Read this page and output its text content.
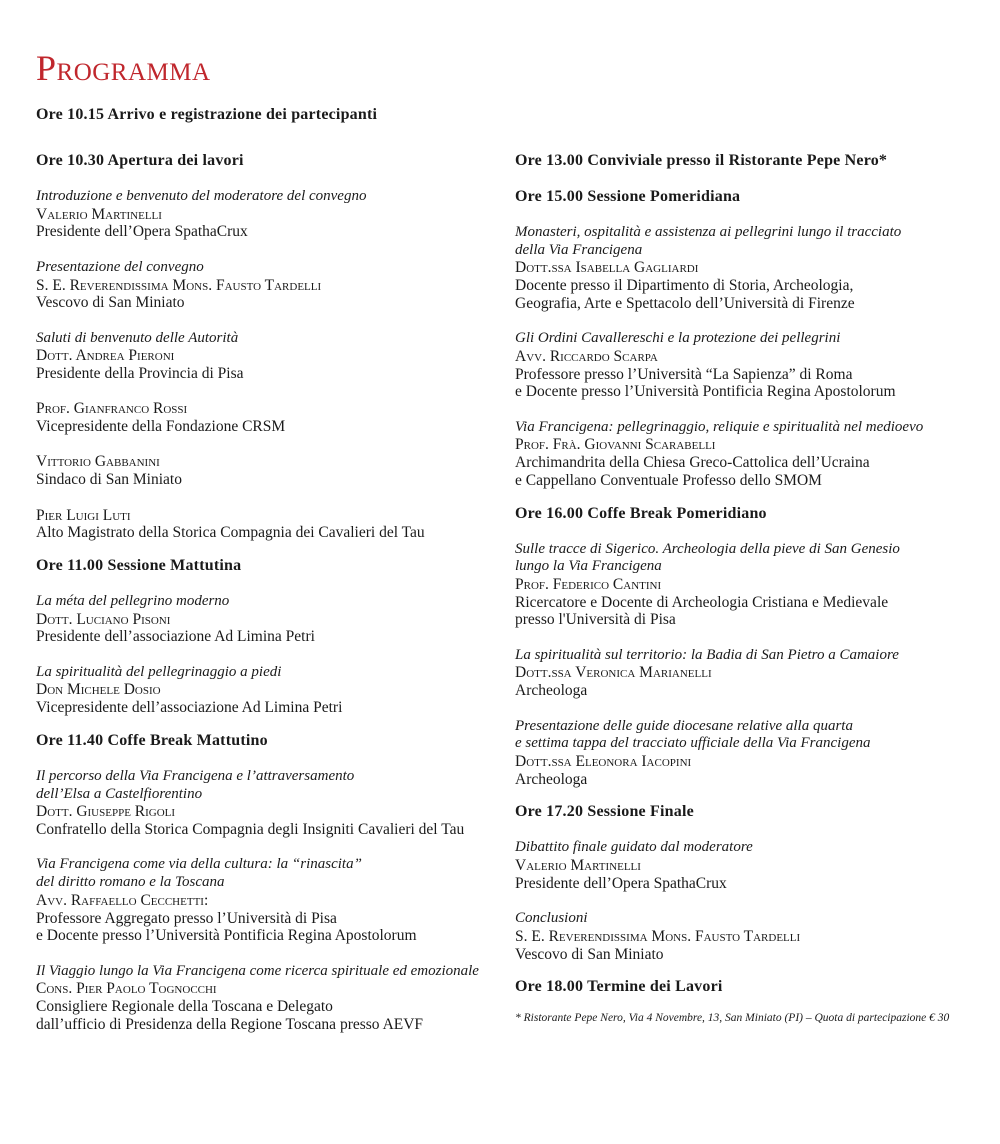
Programma
Ore 10.15 Arrivo e registrazione dei partecipanti
Ore 10.30 Apertura dei lavori
Introduzione e benvenuto del moderatore del convegno
Valerio Martinelli
Presidente dell’Opera SpathaCrux
Presentazione del convegno
S. E. Reverendissima Mons. Fausto Tardelli
Vescovo di San Miniato
Saluti di benvenuto delle Autorità
Dott. Andrea Pieroni
Presidente della Provincia di Pisa
Prof. Gianfranco Rossi
Vicepresidente della Fondazione CRSM
Vittorio Gabbanini
Sindaco di San Miniato
Pier Luigi Luti
Alto Magistrato della Storica Compagnia dei Cavalieri del Tau
Ore 11.00 Sessione Mattutina
La méta del pellegrino moderno
Dott. Luciano Pisoni
Presidente dell’associazione Ad Limina Petri
La spiritualità del pellegrinaggio a piedi
Don Michele Dosio
Vicepresidente dell’associazione Ad Limina Petri
Ore 11.40 Coffe Break Mattutino
Il percorso della Via Francigena e l’attraversamento
dell’Elsa a Castelfiorentino
Dott. Giuseppe Rigoli
Confratello della Storica Compagnia degli Insigniti Cavalieri del Tau
Via Francigena come via della cultura: la “rinascita”
del diritto romano e la Toscana
Avv. Raffaello Cecchetti:
Professore Aggregato presso l’Università di Pisa
e Docente presso l’Università Pontificia Regina Apostolorum
Il Viaggio lungo la Via Francigena come ricerca spirituale ed emozionale
Cons. Pier Paolo Tognocchi
Consigliere Regionale della Toscana e Delegato
dall’ufficio di Presidenza della Regione Toscana presso AEVF
Ore 13.00 Conviviale presso il Ristorante Pepe Nero*
Ore 15.00 Sessione Pomeridiana
Monasteri, ospitalità e assistenza ai pellegrini lungo il tracciato
della Via Francigena
Dott.ssa Isabella Gagliardi
Docente presso il Dipartimento di Storia, Archeologia,
Geografia, Arte e Spettacolo dell’Università di Firenze
Gli Ordini Cavallereschi e la protezione dei pellegrini
Avv. Riccardo Scarpa
Professore presso l’Università “La Sapienza” di Roma
e Docente presso l’Università Pontificia Regina Apostolorum
Via Francigena: pellegrinaggio, reliquie e spiritualità nel medioevo
Prof. Frà. Giovanni Scarabelli
Archimandrita della Chiesa Greco-Cattolica dell’Ucraina
e Cappellano Conventuale Professo dello SMOM
Ore 16.00 Coffe Break Pomeridiano
Sulle tracce di Sigerico. Archeologia della pieve di San Genesio
lungo la Via Francigena
Prof. Federico Cantini
Ricercatore e Docente di Archeologia Cristiana e Medievale
presso l'Università di Pisa
La spiritualità sul territorio: la Badia di San Pietro a Camaiore
Dott.ssa Veronica Marianelli
Archeologa
Presentazione delle guide diocesane relative alla quarta
e settima tappa del tracciato ufficiale della Via Francigena
Dott.ssa Eleonora Iacopini
Archeologa
Ore 17.20 Sessione Finale
Dibattito finale guidato dal moderatore
Valerio Martinelli
Presidente dell’Opera SpathaCrux
Conclusioni
S. E. Reverendissima Mons. Fausto Tardelli
Vescovo di San Miniato
Ore 18.00 Termine dei Lavori
* Ristorante Pepe Nero, Via 4 Novembre, 13, San Miniato (PI) – Quota di partecipazione € 30
